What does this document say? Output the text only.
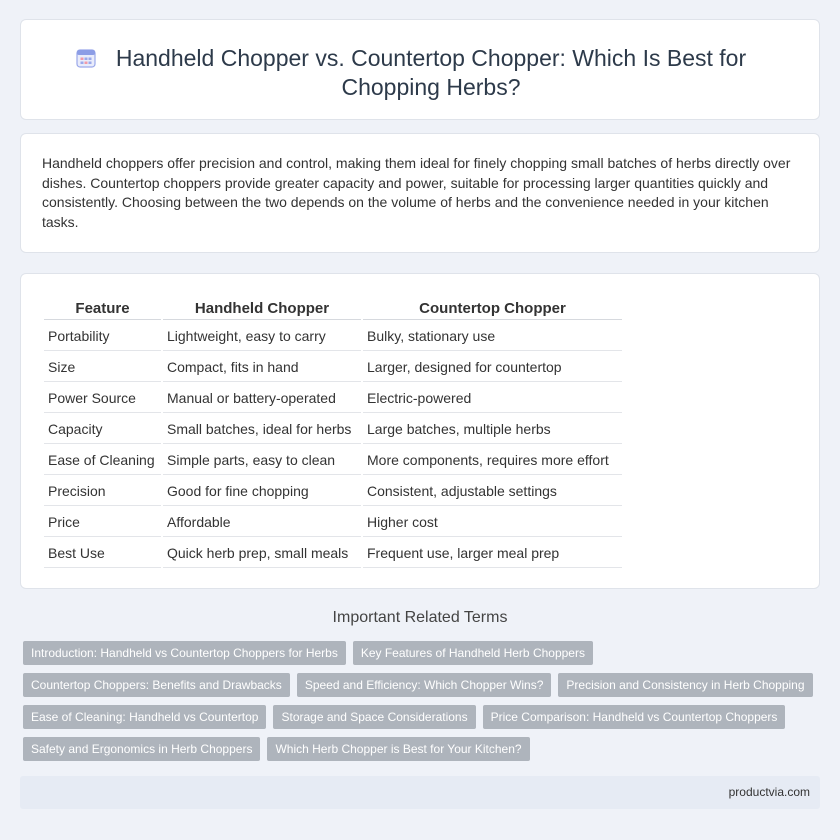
Handheld Chopper vs. Countertop Chopper: Which Is Best for Chopping Herbs?

Handheld choppers offer precision and control, making them ideal for finely chopping small batches of herbs directly over dishes. Countertop choppers provide greater capacity and power, suitable for processing larger quantities quickly and consistently. Choosing between the two depends on the volume of herbs and the convenience needed in your kitchen tasks.

Feature	Handheld Chopper	Countertop Chopper
Portability	Lightweight, easy to carry	Bulky, stationary use
Size	Compact, fits in hand	Larger, designed for countertop
Power Source	Manual or battery-operated	Electric-powered
Capacity	Small batches, ideal for herbs	Large batches, multiple herbs
Ease of Cleaning	Simple parts, easy to clean	More components, requires more effort
Precision	Good for fine chopping	Consistent, adjustable settings
Price	Affordable	Higher cost
Best Use	Quick herb prep, small meals	Frequent use, larger meal prep
Important Related Terms
Introduction: Handheld vs Countertop Choppers for Herbs	Key Features of Handheld Herb Choppers
Countertop Choppers: Benefits and Drawbacks	Speed and Efficiency: Which Chopper Wins?	Precision and Consistency in Herb Chopping
Ease of Cleaning: Handheld vs Countertop	Storage and Space Considerations	Price Comparison: Handheld vs Countertop Choppers
Safety and Ergonomics in Herb Choppers	Which Herb Chopper is Best for Your Kitchen?
productvia.com
